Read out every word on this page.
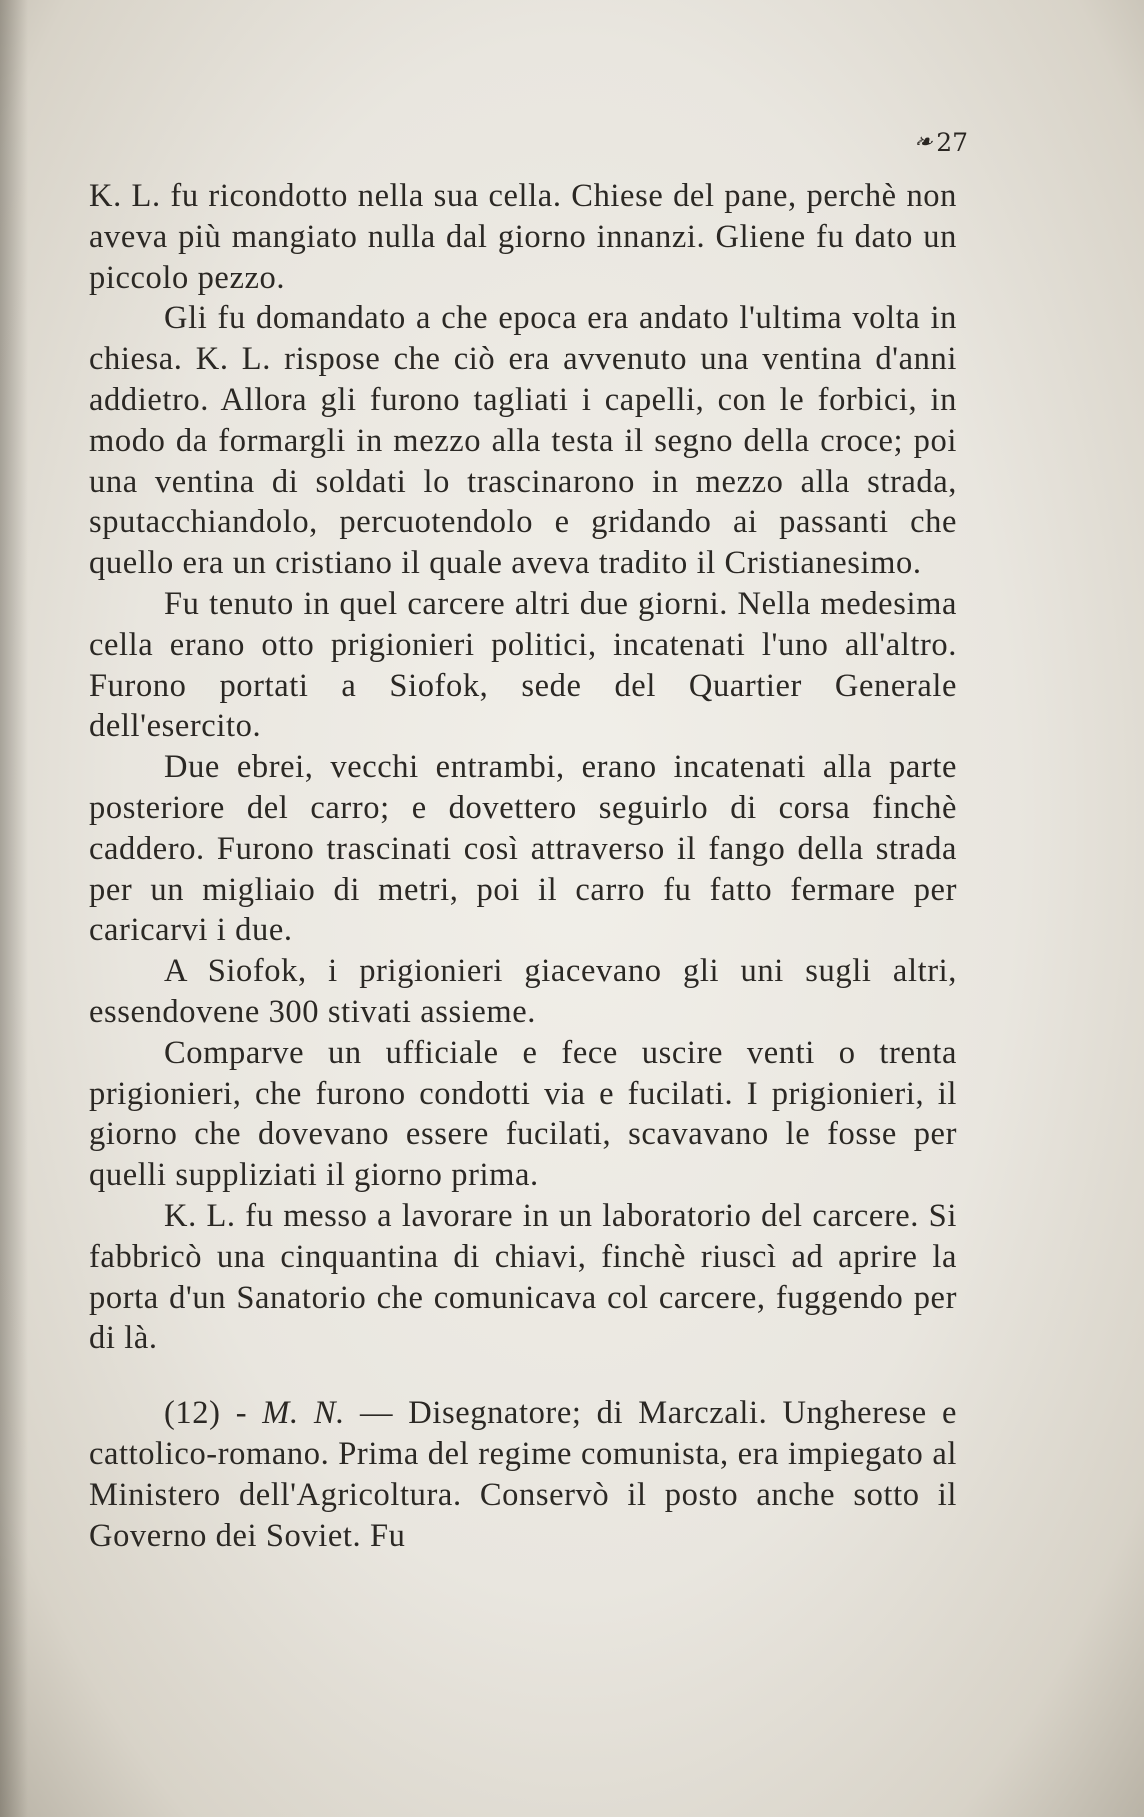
❧ 27

K. L. fu ricondotto nella sua cella. Chiese del pane, perchè non aveva più mangiato nulla dal giorno innanzi. Gliene fu dato un piccolo pezzo.

Gli fu domandato a che epoca era andato l'ultima volta in chiesa. K. L. rispose che ciò era avvenuto una ventina d'anni addietro. Allora gli furono tagliati i capelli, con le forbici, in modo da formargli in mezzo alla testa il segno della croce; poi una ventina di soldati lo trascinarono in mezzo alla strada, sputacchiandolo, percuotendolo e gridando ai passanti che quello era un cristiano il quale aveva tradito il Cristianesimo.

Fu tenuto in quel carcere altri due giorni. Nella medesima cella erano otto prigionieri politici, incatenati l'uno all'altro. Furono portati a Siofok, sede del Quartier Generale dell'esercito.

Due ebrei, vecchi entrambi, erano incatenati alla parte posteriore del carro; e dovettero seguirlo di corsa finchè caddero. Furono trascinati così attraverso il fango della strada per un migliaio di metri, poi il carro fu fatto fermare per caricarvi i due.

A Siofok, i prigionieri giacevano gli uni sugli altri, essendovene 300 stivati assieme.

Comparve un ufficiale e fece uscire venti o trenta prigionieri, che furono condotti via e fucilati. I prigionieri, il giorno che dovevano essere fucilati, scavavano le fosse per quelli suppliziati il giorno prima.

K. L. fu messo a lavorare in un laboratorio del carcere. Si fabbricò una cinquantina di chiavi, finchè riuscì ad aprire la porta d'un Sanatorio che comunicava col carcere, fuggendo per di là.

(12) - M. N. — Disegnatore; di Marczali. Ungherese e cattolico-romano. Prima del regime comunista, era impiegato al Ministero dell'Agricoltura. Conservò il posto anche sotto il Governo dei Soviet. Fu
